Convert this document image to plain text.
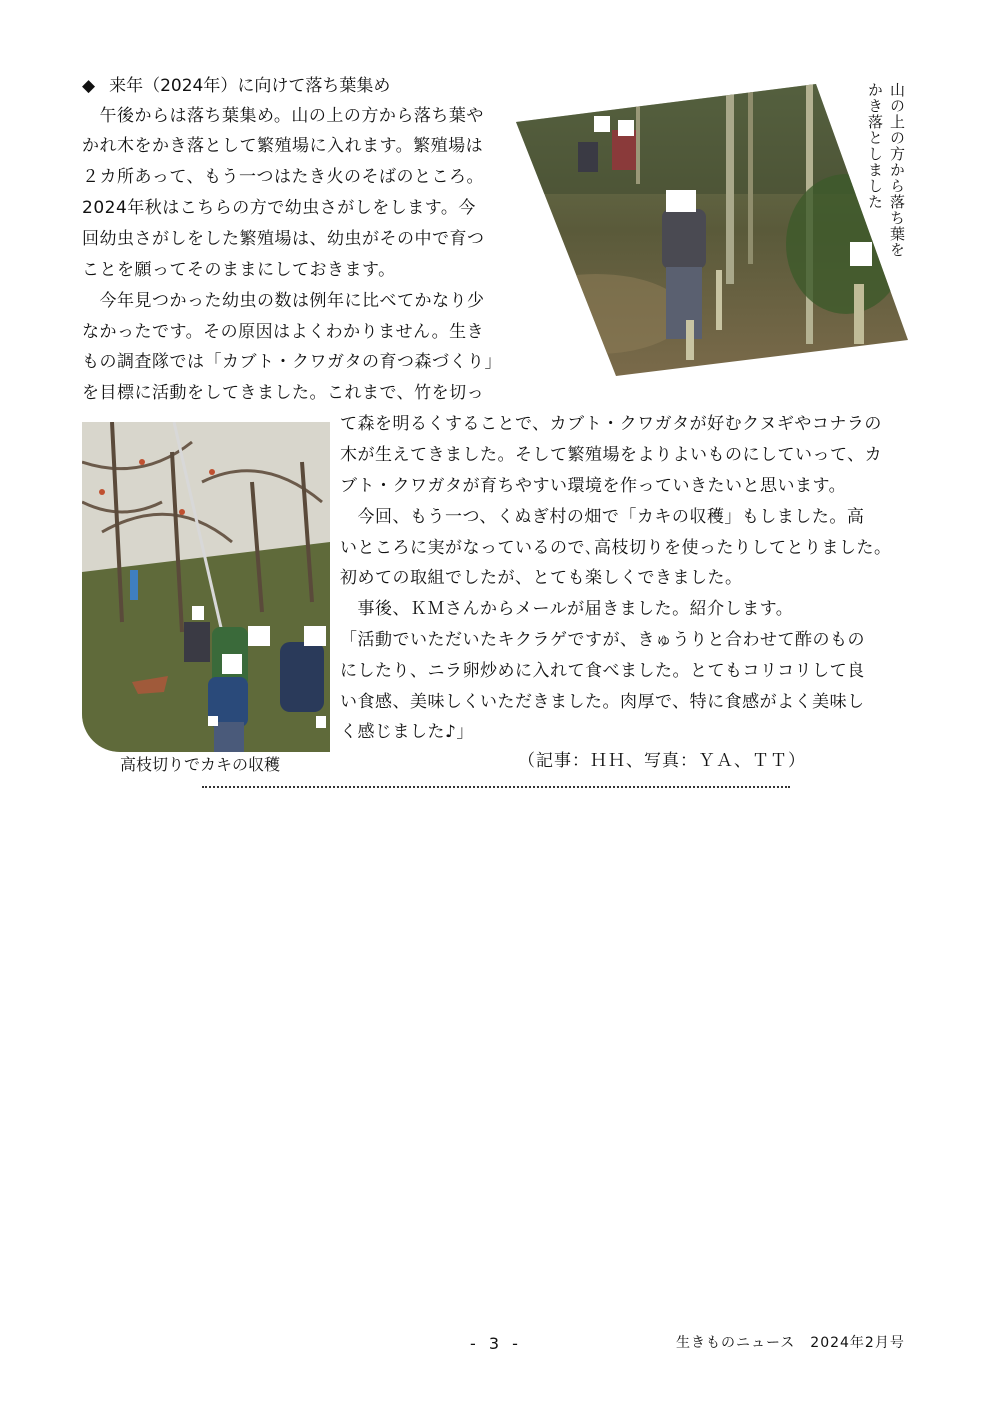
◆ 来年（2024年）に向けて落ち葉集め
　午後からは落ち葉集め。山の上の方から落ち葉や
かれ木をかき落として繁殖場に入れます。繁殖場は
２カ所あって、もう一つはたき火のそばのところ。
2024年秋はこちらの方で幼虫さがしをします。今
回幼虫さがしをした繁殖場は、幼虫がその中で育つ
ことを願ってそのままにしておきます。
　今年見つかった幼虫の数は例年に比べてかなり少
なかったです。その原因はよくわかりません。生き
もの調査隊では「カブト・クワガタの育つ森づくり」
を目標に活動をしてきました。これまで、竹を切っ
山の上の方から落ち葉をかき落としました
高枝切りでカキの収穫
て森を明るくすることで、カブト・クワガタが好むクヌギやコナラの
木が生えてきました。そして繁殖場をよりよいものにしていって、カ
ブト・クワガタが育ちやすい環境を作っていきたいと思います。
　今回、もう一つ、くぬぎ村の畑で「カキの収穫」もしました。高
いところに実がなっているので､高枝切りを使ったりしてとりました。
初めての取組でしたが、とても楽しくできました。
　事後、ＫＭさんからメールが届きました。紹介します。
「活動でいただいたキクラゲですが、きゅうりと合わせて酢のもの
にしたり、ニラ卵炒めに入れて食べました。とてもコリコリして良
い食感、美味しくいただきました。肉厚で、特に食感がよく美味し
く感じました♪」
（記事：ＨＨ、写真：ＹＡ、ＴＴ）
- 3 -	生きものニュース　2024年2月号
